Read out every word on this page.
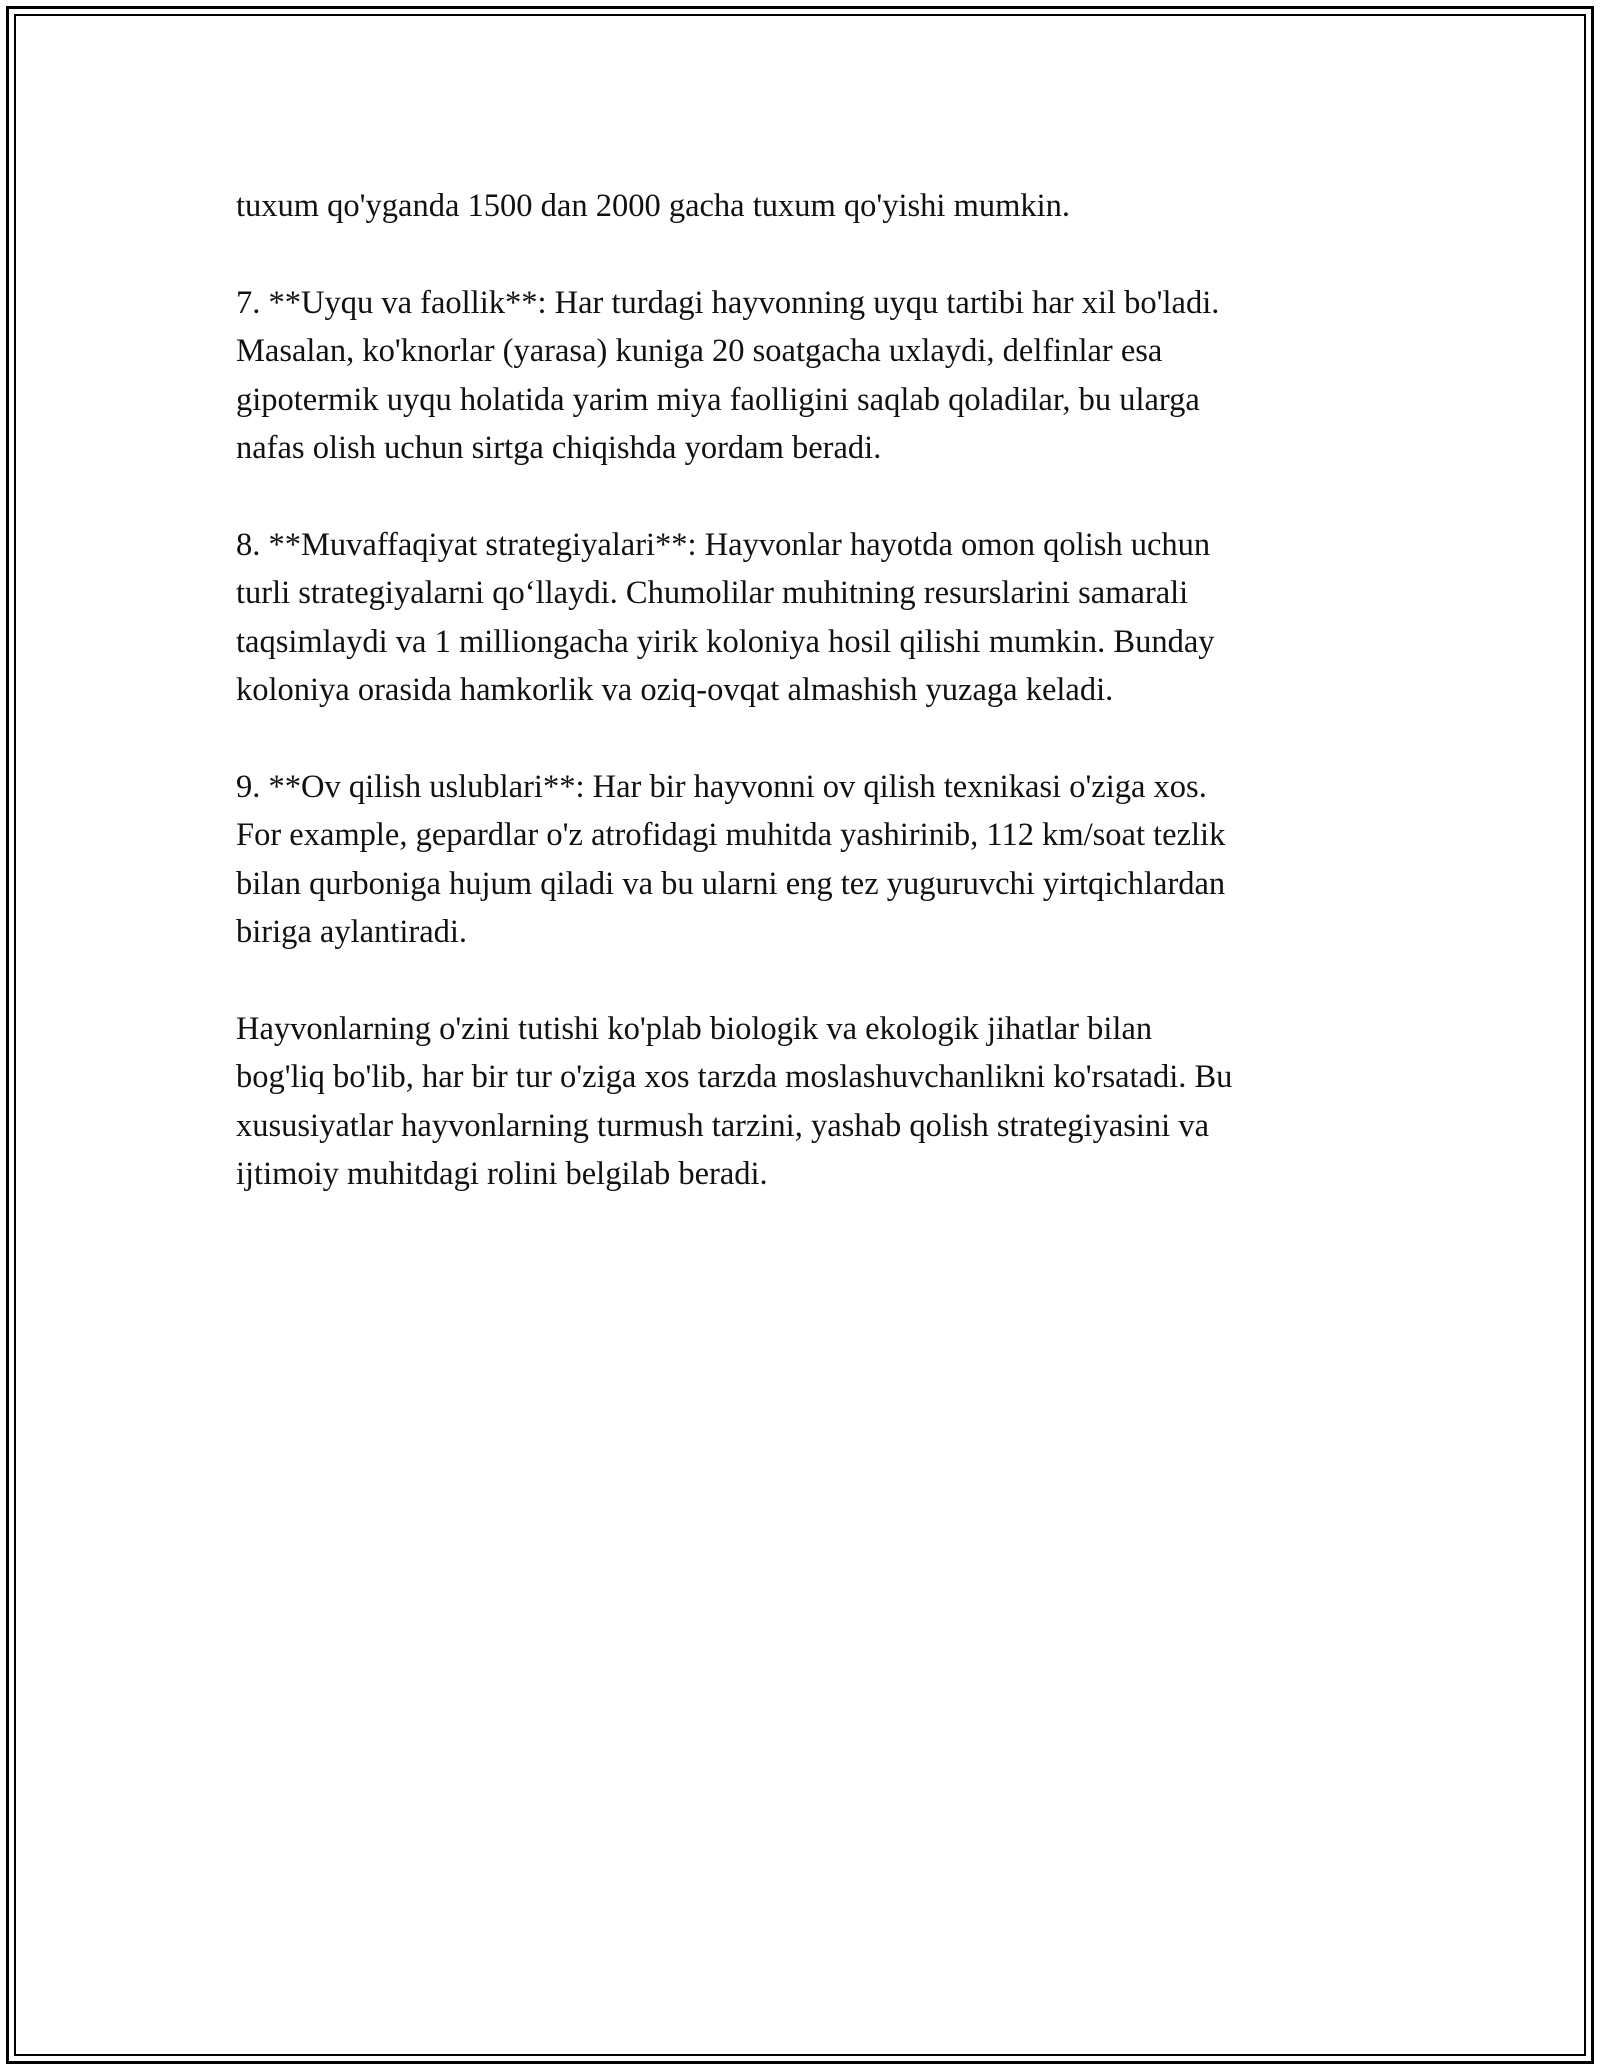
tuxum qo'yganda 1500 dan 2000 gacha tuxum qo'yishi mumkin.

7. **Uyqu va faollik**: Har turdagi hayvonning uyqu tartibi har xil bo'ladi.
Masalan, ko'knorlar (yarasa) kuniga 20 soatgacha uxlaydi, delfinlar esa
gipotermik uyqu holatida yarim miya faolligini saqlab qoladilar, bu ularga
nafas olish uchun sirtga chiqishda yordam beradi.

8. **Muvaffaqiyat strategiyalari**: Hayvonlar hayotda omon qolish uchun
turli strategiyalarni qo‘llaydi. Chumolilar muhitning resurslarini samarali
taqsimlaydi va 1 milliongacha yirik koloniya hosil qilishi mumkin. Bunday
koloniya orasida hamkorlik va oziq-ovqat almashish yuzaga keladi.

9. **Ov qilish uslublari**: Har bir hayvonni ov qilish texnikasi o'ziga xos.
For example, gepardlar o'z atrofidagi muhitda yashirinib, 112 km/soat tezlik
bilan qurboniga hujum qiladi va bu ularni eng tez yuguruvchi yirtqichlardan
biriga aylantiradi.

Hayvonlarning o'zini tutishi ko'plab biologik va ekologik jihatlar bilan
bog'liq bo'lib, har bir tur o'ziga xos tarzda moslashuvchanlikni ko'rsatadi. Bu
xususiyatlar hayvonlarning turmush tarzini, yashab qolish strategiyasini va
ijtimoiy muhitdagi rolini belgilab beradi.
